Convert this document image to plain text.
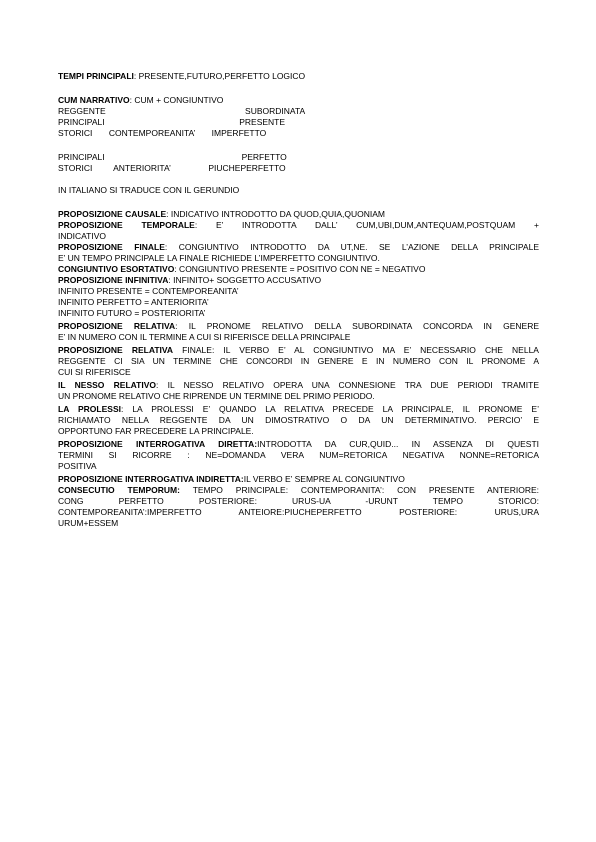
TEMPI PRINCIPALI: PRESENTE,FUTURO,PERFETTO LOGICO

CUM NARRATIVO: CUM + CONGIUNTIVO

REGGENTE                                                           SUBORDINATA

PRINCIPALI                                                         PRESENTE

STORICI       CONTEMPOREANITA’       IMPERFETTO

PRINCIPALI                                                          PERFETTO

STORICI         ANTERIORITA’                PIUCHEPERFETTO

IN ITALIANO SI TRADUCE CON IL GERUNDIO

PROPOSIZIONE CAUSALE: INDICATIVO INTRODOTTO DA QUOD,QUIA,QUONIAM

PROPOSIZIONE TEMPORALE: E’ INTRODOTTA DALL’ CUM,UBI,DUM,ANTEQUAM,POSTQUAM +

INDICATIVO

PROPOSIZIONE FINALE: CONGIUNTIVO INTRODOTTO DA UT,NE. SE L’AZIONE DELLA PRINCIPALE

E’ UN TEMPO PRINCIPALE LA FINALE RICHIEDE L’IMPERFETTO CONGIUNTIVO.

CONGIUNTIVO ESORTATIVO: CONGIUNTIVO PRESENTE = POSITIVO CON NE = NEGATIVO

PROPOSIZIONE INFINITIVA: INFINITO+ SOGGETTO ACCUSATIVO

INFINITO PRESENTE = CONTEMPOREANITA’

INFINITO PERFETTO = ANTERIORITA’

INFINITO FUTURO = POSTERIORITA’

PROPOSIZIONE RELATIVA: IL PRONOME RELATIVO DELLA SUBORDINATA CONCORDA IN GENERE

E’ IN NUMERO CON IL TERMINE A CUI SI RIFERISCE DELLA PRINCIPALE

PROPOSIZIONE RELATIVA FINALE: IL VERBO E’ AL CONGIUNTIVO MA E’ NECESSARIO CHE NELLA

REGGENTE CI SIA UN TERMINE CHE CONCORDI IN GENERE E IN NUMERO CON IL PRONOME A

CUI SI RIFERISCE

IL NESSO RELATIVO: IL NESSO RELATIVO OPERA UNA CONNESIONE TRA DUE PERIODI TRAMITE

UN PRONOME RELATIVO CHE RIPRENDE UN TERMINE DEL PRIMO PERIODO.

LA PROLESSI: LA PROLESSI E’ QUANDO LA RELATIVA PRECEDE LA PRINCIPALE, IL PRONOME E’

RICHIAMATO NELLA REGGENTE DA UN DIMOSTRATIVO O DA UN DETERMINATIVO. PERCIO’ E

OPPORTUNO FAR PRECEDERE LA PRINCIPALE.

PROPOSIZIONE INTERROGATIVA DIRETTA:INTRODOTTA DA CUR,QUID... IN ASSENZA DI QUESTI

TERMINI SI RICORRE : NE=DOMANDA VERA NUM=RETORICA NEGATIVA NONNE=RETORICA

POSITIVA

PROPOSIZIONE INTERROGATIVA INDIRETTA:IL VERBO E’ SEMPRE AL CONGIUNTIVO

CONSECUTIO TEMPORUM: TEMPO PRINCIPALE: CONTEMPORANITA’: CON PRESENTE ANTERIORE:

CONG PERFETTO POSTERIORE: URUS-UA -URUNT TEMPO STORICO:

CONTEMPOREANITA’:IMPERFETTO ANTEIORE:PIUCHEPERFETTO POSTERIORE: URUS,URA

URUM+ESSEM
